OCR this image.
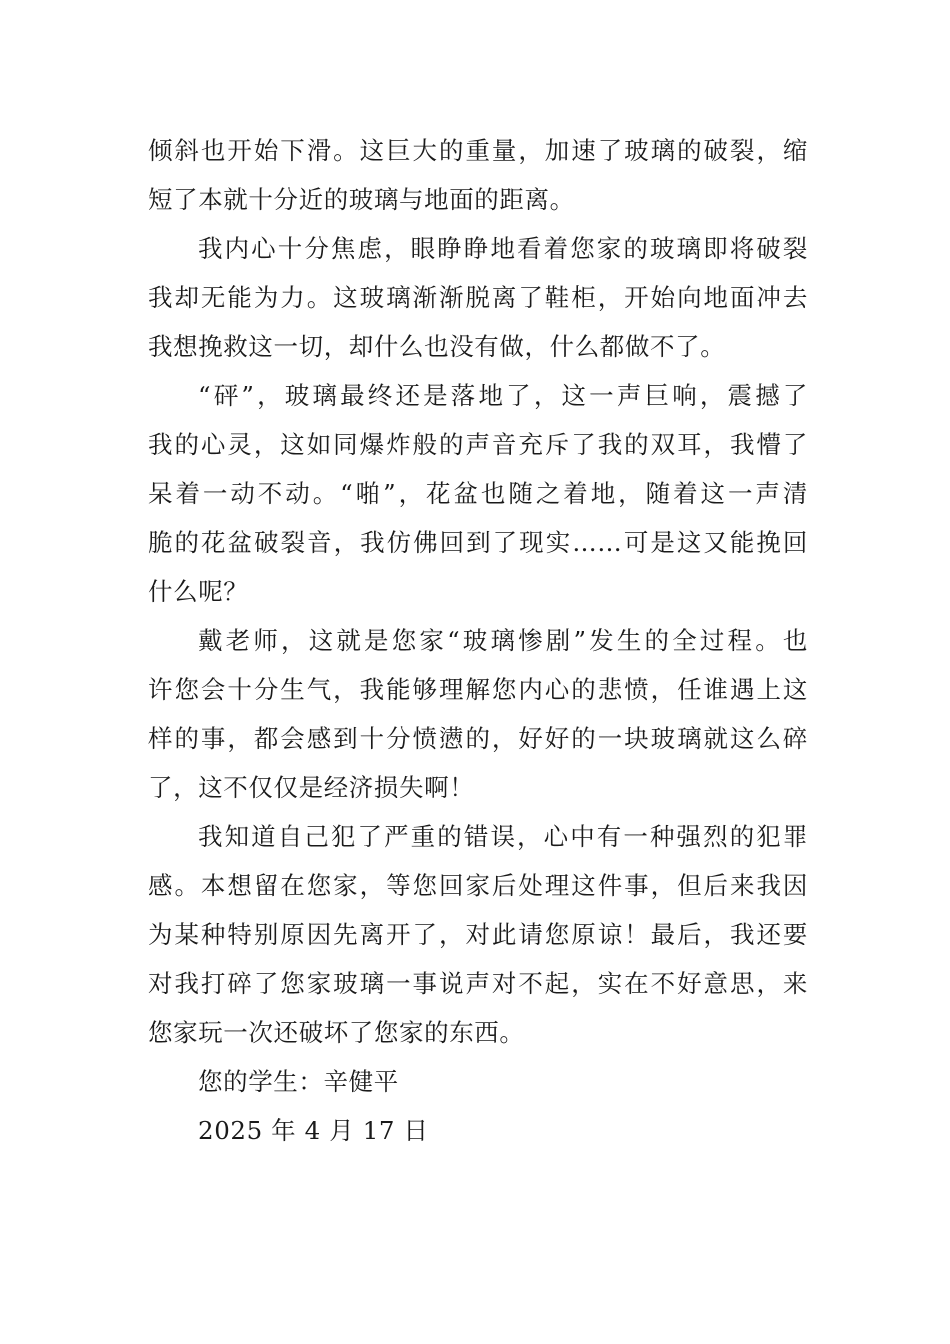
倾斜也开始下滑。这巨大的重量，加速了玻璃的破裂，缩
短了本就十分近的玻璃与地面的距离。
我内心十分焦虑，眼睁睁地看着您家的玻璃即将破裂
我却无能为力。这玻璃渐渐脱离了鞋柜，开始向地面冲去
我想挽救这一切，却什么也没有做，什么都做不了。
“砰”，玻璃最终还是落地了，这一声巨响，震撼了
我的心灵，这如同爆炸般的声音充斥了我的双耳，我懵了
呆着一动不动。“啪”，花盆也随之着地，随着这一声清
脆的花盆破裂音，我仿佛回到了现实……可是这又能挽回
什么呢？
戴老师，这就是您家“玻璃惨剧”发生的全过程。也
许您会十分生气，我能够理解您内心的悲愤，任谁遇上这
样的事，都会感到十分愤懑的，好好的一块玻璃就这么碎
了，这不仅仅是经济损失啊！
我知道自己犯了严重的错误，心中有一种强烈的犯罪
感。本想留在您家，等您回家后处理这件事，但后来我因
为某种特别原因先离开了，对此请您原谅！最后，我还要
对我打碎了您家玻璃一事说声对不起，实在不好意思，来
您家玩一次还破坏了您家的东西。
您的学生：辛健平
2025 年 4 月 17 日
